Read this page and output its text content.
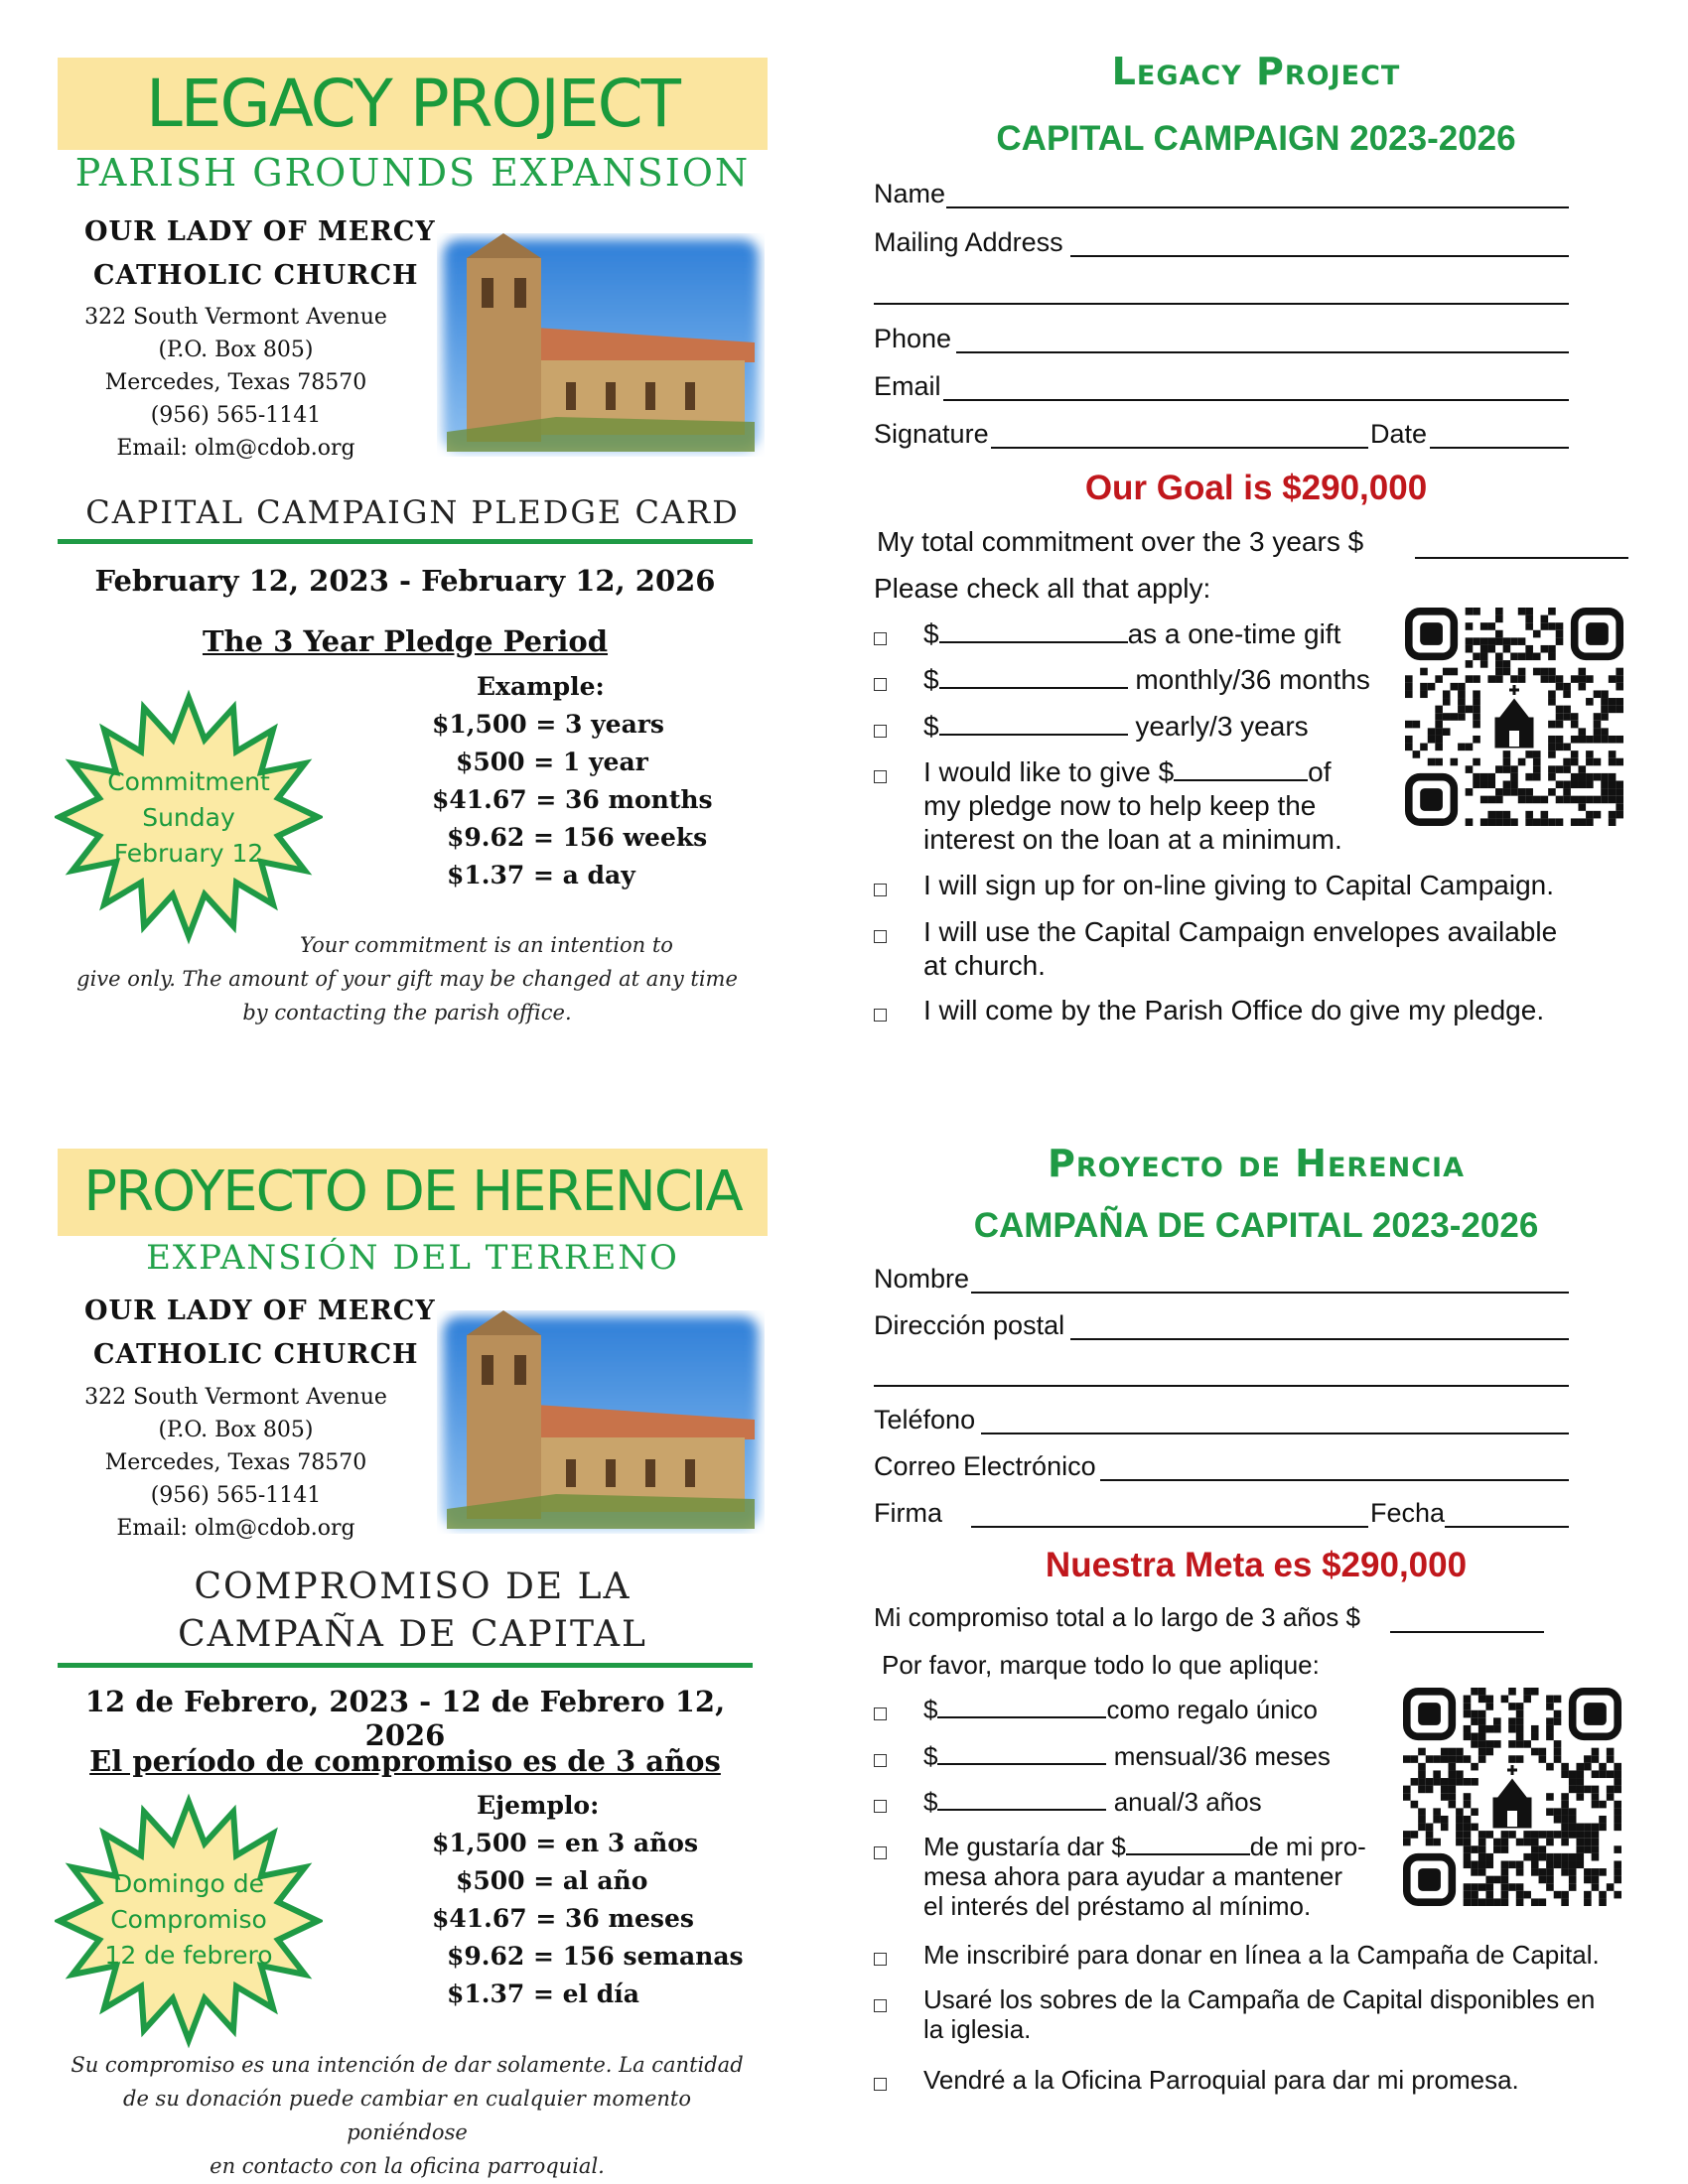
LEGACY PROJECT
PARISH GROUNDS EXPANSION
OUR LADY OF MERCY
CATHOLIC CHURCH
322 South Vermont Avenue
(P.O. Box 805)
Mercedes, Texas 78570
(956) 565-1141
Email: olm@cdob.org
CAPITAL CAMPAIGN PLEDGE CARD
February 12, 2023 - February 12, 2026
The 3 Year Pledge Period
Example:
$1,500 = 3 years
$500 = 1 year
$41.67 = 36 months
$9.62 = 156 weeks
$1.37 = a day
Commitment
Sunday
February 12
Your commitment is an intention to
give only. The amount of your gift may be changed at any time
by contacting the parish office.
Legacy Project
CAPITAL CAMPAIGN 2023-2026
Name
Mailing Address
Phone
Email
Signature	Date
Our Goal is $290,000
My total commitment over the 3 years $
Please check all that apply:
$	as a one-time gift
$	monthly/36 months
$	yearly/3 years
I would like to give $	of
my pledge now to help keep the
interest on the loan at a minimum.
I will sign up for on-line giving to Capital Campaign.
I will use the Capital Campaign envelopes available
at church.
I will come by the Parish Office do give my pledge.
PROYECTO DE HERENCIA
EXPANSIÓN DEL TERRENO
OUR LADY OF MERCY
CATHOLIC CHURCH
322 South Vermont Avenue
(P.O. Box 805)
Mercedes, Texas 78570
(956) 565-1141
Email: olm@cdob.org
COMPROMISO DE LA
CAMPAÑA DE CAPITAL
12 de Febrero, 2023 - 12 de Febrero 12, 2026
El período de compromiso es de 3 años
Ejemplo:
$1,500 = en 3 años
$500 = al año
$41.67 = 36 meses
$9.62 = 156 semanas
$1.37 = el día
Domingo de
Compromiso
12 de febrero
Su compromiso es una intención de dar solamente. La cantidad
de su donación puede cambiar en cualquier momento poniéndose
en contacto con la oficina parroquial.
Proyecto de Herencia
CAMPAÑA DE CAPITAL 2023-2026
Nombre
Dirección postal
Teléfono
Correo Electrónico
Firma	Fecha
Nuestra Meta es $290,000
Mi compromiso total a lo largo de 3 años $
Por favor, marque todo lo que aplique:
$	como regalo único
$	mensual/36 meses
$	anual/3 años
Me gustaría dar $	de mi pro-
mesa ahora para ayudar a mantener
el interés del préstamo al mínimo.
Me inscribiré para donar en línea a la Campaña de Capital.
Usaré los sobres de la Campaña de Capital disponibles en
la iglesia.
Vendré a la Oficina Parroquial para dar mi promesa.
